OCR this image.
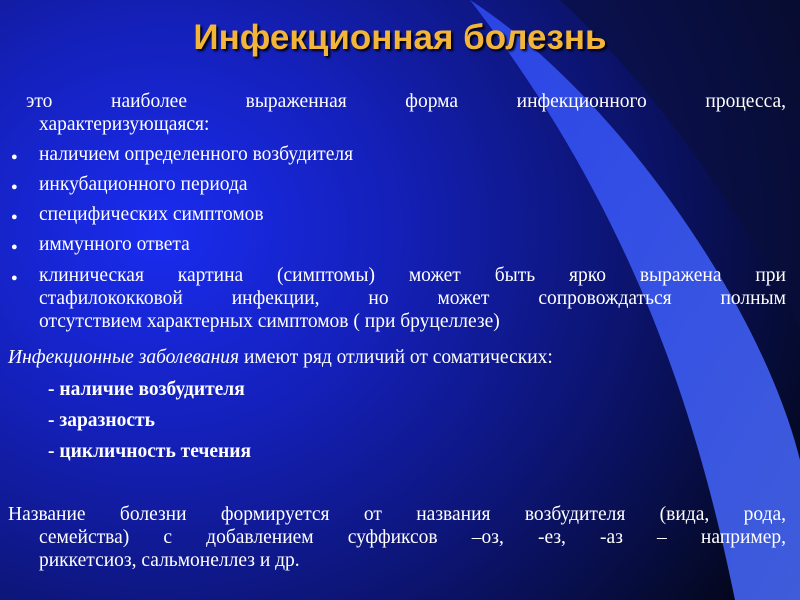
Инфекционная болезнь
это наиболее выраженная форма инфекционного процесса,
характеризующаяся:
● наличием определенного возбудителя
● инкубационного периода
● специфических симптомов
● иммунного ответа
● клиническая картина (симптомы) может быть ярко выражена при
стафилококковой инфекции, но может сопровождаться полным
отсутствием характерных симптомов ( при бруцеллезе)
Инфекционные заболевания имеют ряд отличий от соматических:
- наличие возбудителя
- заразность
- цикличность течения
Название болезни формируется от названия возбудителя (вида, рода,
семейства) с добавлением суффиксов –оз, -ез, -аз – например,
риккетсиоз, сальмонеллез и др.
